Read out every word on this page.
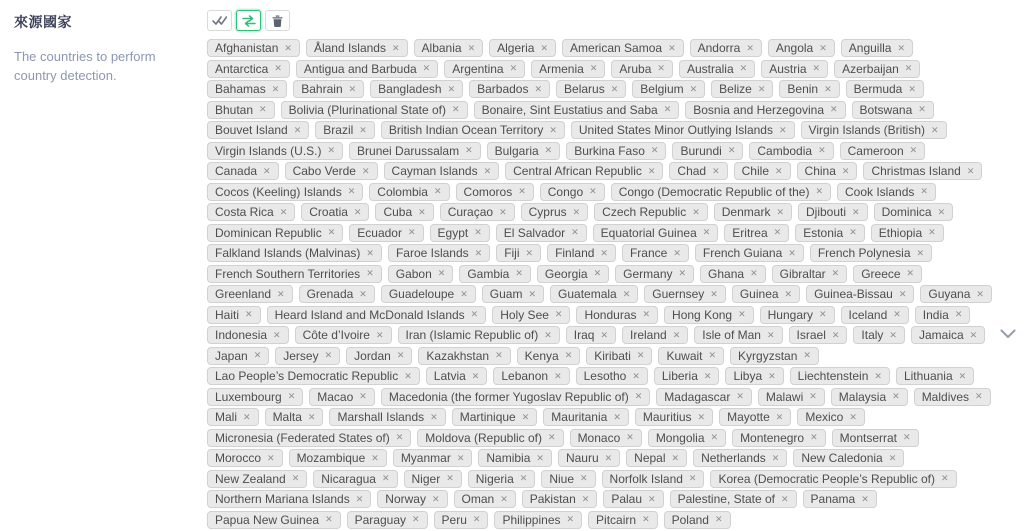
來源國家
The countries to perform country detection.
Afghanistan ✕ Åland Islands ✕ Albania ✕ Algeria ✕ American Samoa ✕ Andorra ✕ Angola ✕ Anguilla ✕
Antarctica ✕ Antigua and Barbuda ✕ Argentina ✕ Armenia ✕ Aruba ✕ Australia ✕ Austria ✕ Azerbaijan ✕
Bahamas ✕ Bahrain ✕ Bangladesh ✕ Barbados ✕ Belarus ✕ Belgium ✕ Belize ✕ Benin ✕ Bermuda ✕
Bhutan ✕ Bolivia (Plurinational State of) ✕ Bonaire, Sint Eustatius and Saba ✕ Bosnia and Herzegovina ✕ Botswana ✕
Bouvet Island ✕ Brazil ✕ British Indian Ocean Territory ✕ United States Minor Outlying Islands ✕ Virgin Islands (British) ✕
Virgin Islands (U.S.) ✕ Brunei Darussalam ✕ Bulgaria ✕ Burkina Faso ✕ Burundi ✕ Cambodia ✕ Cameroon ✕
Canada ✕ Cabo Verde ✕ Cayman Islands ✕ Central African Republic ✕ Chad ✕ Chile ✕ China ✕ Christmas Island ✕
Cocos (Keeling) Islands ✕ Colombia ✕ Comoros ✕ Congo ✕ Congo (Democratic Republic of the) ✕ Cook Islands ✕
Costa Rica ✕ Croatia ✕ Cuba ✕ Curaçao ✕ Cyprus ✕ Czech Republic ✕ Denmark ✕ Djibouti ✕ Dominica ✕
Dominican Republic ✕ Ecuador ✕ Egypt ✕ El Salvador ✕ Equatorial Guinea ✕ Eritrea ✕ Estonia ✕ Ethiopia ✕
Falkland Islands (Malvinas) ✕ Faroe Islands ✕ Fiji ✕ Finland ✕ France ✕ French Guiana ✕ French Polynesia ✕
French Southern Territories ✕ Gabon ✕ Gambia ✕ Georgia ✕ Germany ✕ Ghana ✕ Gibraltar ✕ Greece ✕
Greenland ✕ Grenada ✕ Guadeloupe ✕ Guam ✕ Guatemala ✕ Guernsey ✕ Guinea ✕ Guinea-Bissau ✕ Guyana ✕
Haiti ✕ Heard Island and McDonald Islands ✕ Holy See ✕ Honduras ✕ Hong Kong ✕ Hungary ✕ Iceland ✕ India ✕
Indonesia ✕ Côte d’Ivoire ✕ Iran (Islamic Republic of) ✕ Iraq ✕ Ireland ✕ Isle of Man ✕ Israel ✕ Italy ✕ Jamaica ✕
Japan ✕ Jersey ✕ Jordan ✕ Kazakhstan ✕ Kenya ✕ Kiribati ✕ Kuwait ✕ Kyrgyzstan ✕
Lao People’s Democratic Republic ✕ Latvia ✕ Lebanon ✕ Lesotho ✕ Liberia ✕ Libya ✕ Liechtenstein ✕ Lithuania ✕
Luxembourg ✕ Macao ✕ Macedonia (the former Yugoslav Republic of) ✕ Madagascar ✕ Malawi ✕ Malaysia ✕ Maldives ✕
Mali ✕ Malta ✕ Marshall Islands ✕ Martinique ✕ Mauritania ✕ Mauritius ✕ Mayotte ✕ Mexico ✕
Micronesia (Federated States of) ✕ Moldova (Republic of) ✕ Monaco ✕ Mongolia ✕ Montenegro ✕ Montserrat ✕
Morocco ✕ Mozambique ✕ Myanmar ✕ Namibia ✕ Nauru ✕ Nepal ✕ Netherlands ✕ New Caledonia ✕
New Zealand ✕ Nicaragua ✕ Niger ✕ Nigeria ✕ Niue ✕ Norfolk Island ✕ Korea (Democratic People’s Republic of) ✕
Northern Mariana Islands ✕ Norway ✕ Oman ✕ Pakistan ✕ Palau ✕ Palestine, State of ✕ Panama ✕
Papua New Guinea ✕ Paraguay ✕ Peru ✕ Philippines ✕ Pitcairn ✕ Poland ✕
